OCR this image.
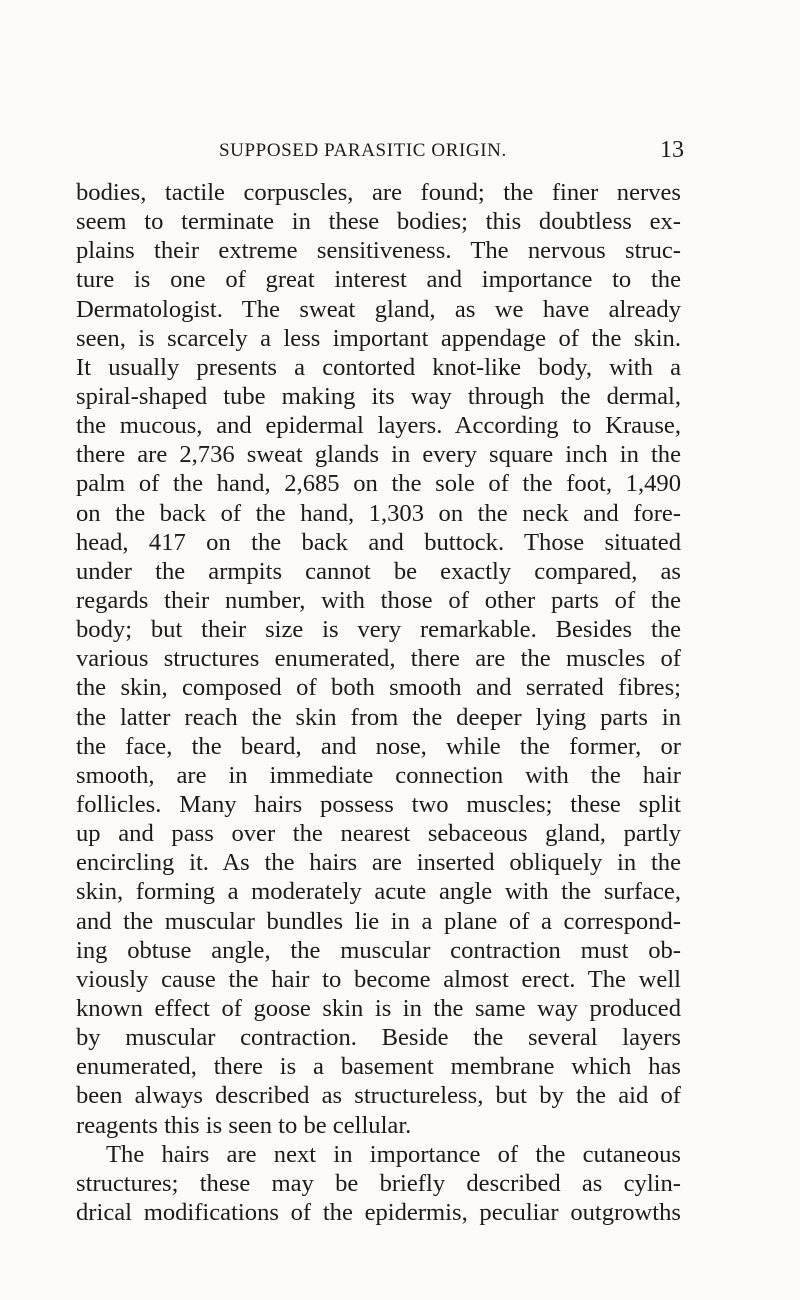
SUPPOSED PARASITIC ORIGIN.	13
bodies, tactile corpuscles, are found; the finer nerves
seem to terminate in these bodies; this doubtless ex-
plains their extreme sensitiveness. The nervous struc-
ture is one of great interest and importance to the
Dermatologist. The sweat gland, as we have already
seen, is scarcely a less important appendage of the skin.
It usually presents a contorted knot-like body, with a
spiral-shaped tube making its way through the dermal,
the mucous, and epidermal layers. According to Krause,
there are 2,736 sweat glands in every square inch in the
palm of the hand, 2,685 on the sole of the foot, 1,490
on the back of the hand, 1,303 on the neck and fore-
head, 417 on the back and buttock. Those situated
under the armpits cannot be exactly compared, as
regards their number, with those of other parts of the
body; but their size is very remarkable. Besides the
various structures enumerated, there are the muscles of
the skin, composed of both smooth and serrated fibres;
the latter reach the skin from the deeper lying parts in
the face, the beard, and nose, while the former, or
smooth, are in immediate connection with the hair
follicles. Many hairs possess two muscles; these split
up and pass over the nearest sebaceous gland, partly
encircling it. As the hairs are inserted obliquely in the
skin, forming a moderately acute angle with the surface,
and the muscular bundles lie in a plane of a correspond-
ing obtuse angle, the muscular contraction must ob-
viously cause the hair to become almost erect. The well
known effect of goose skin is in the same way produced
by muscular contraction. Beside the several layers
enumerated, there is a basement membrane which has
been always described as structureless, but by the aid of
reagents this is seen to be cellular.
The hairs are next in importance of the cutaneous
structures; these may be briefly described as cylin-
drical modifications of the epidermis, peculiar outgrowths
